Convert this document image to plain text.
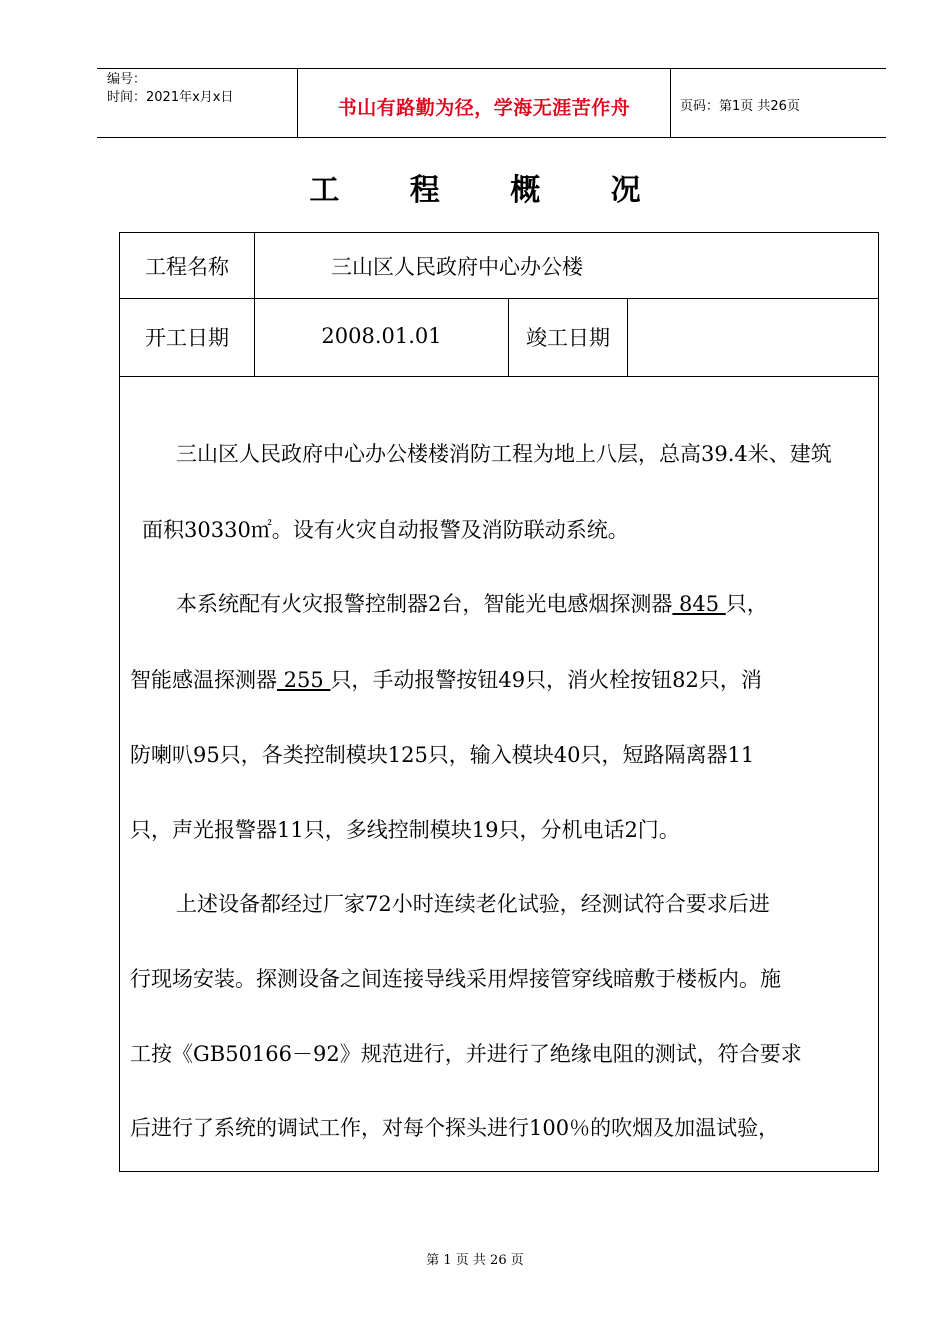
编号：
时间：2021年x月x日	书山有路勤为径，学海无涯苦作舟	页码：第1页 共26页
工 程 概 况
工程名称	三山区人民政府中心办公楼
开工日期	2008.01.01	竣工日期
三山区人民政府中心办公楼楼消防工程为地上八层，总高39.4米、建筑
面积30330㎡。设有火灾自动报警及消防联动系统。
本系统配有火灾报警控制器2台，智能光电感烟探测器 845 只，
智能感温探测器 255 只，手动报警按钮49只，消火栓按钮82只，消
防喇叭95只，各类控制模块125只，输入模块40只，短路隔离器11
只，声光报警器11只，多线控制模块19只，分机电话2门。
上述设备都经过厂家72小时连续老化试验，经测试符合要求后进
行现场安装。探测设备之间连接导线采用焊接管穿线暗敷于楼板内。施
工按《GB50166－92》规范进行，并进行了绝缘电阻的测试，符合要求
后进行了系统的调试工作，对每个探头进行100％的吹烟及加温试验，
第 1 页 共 26 页
